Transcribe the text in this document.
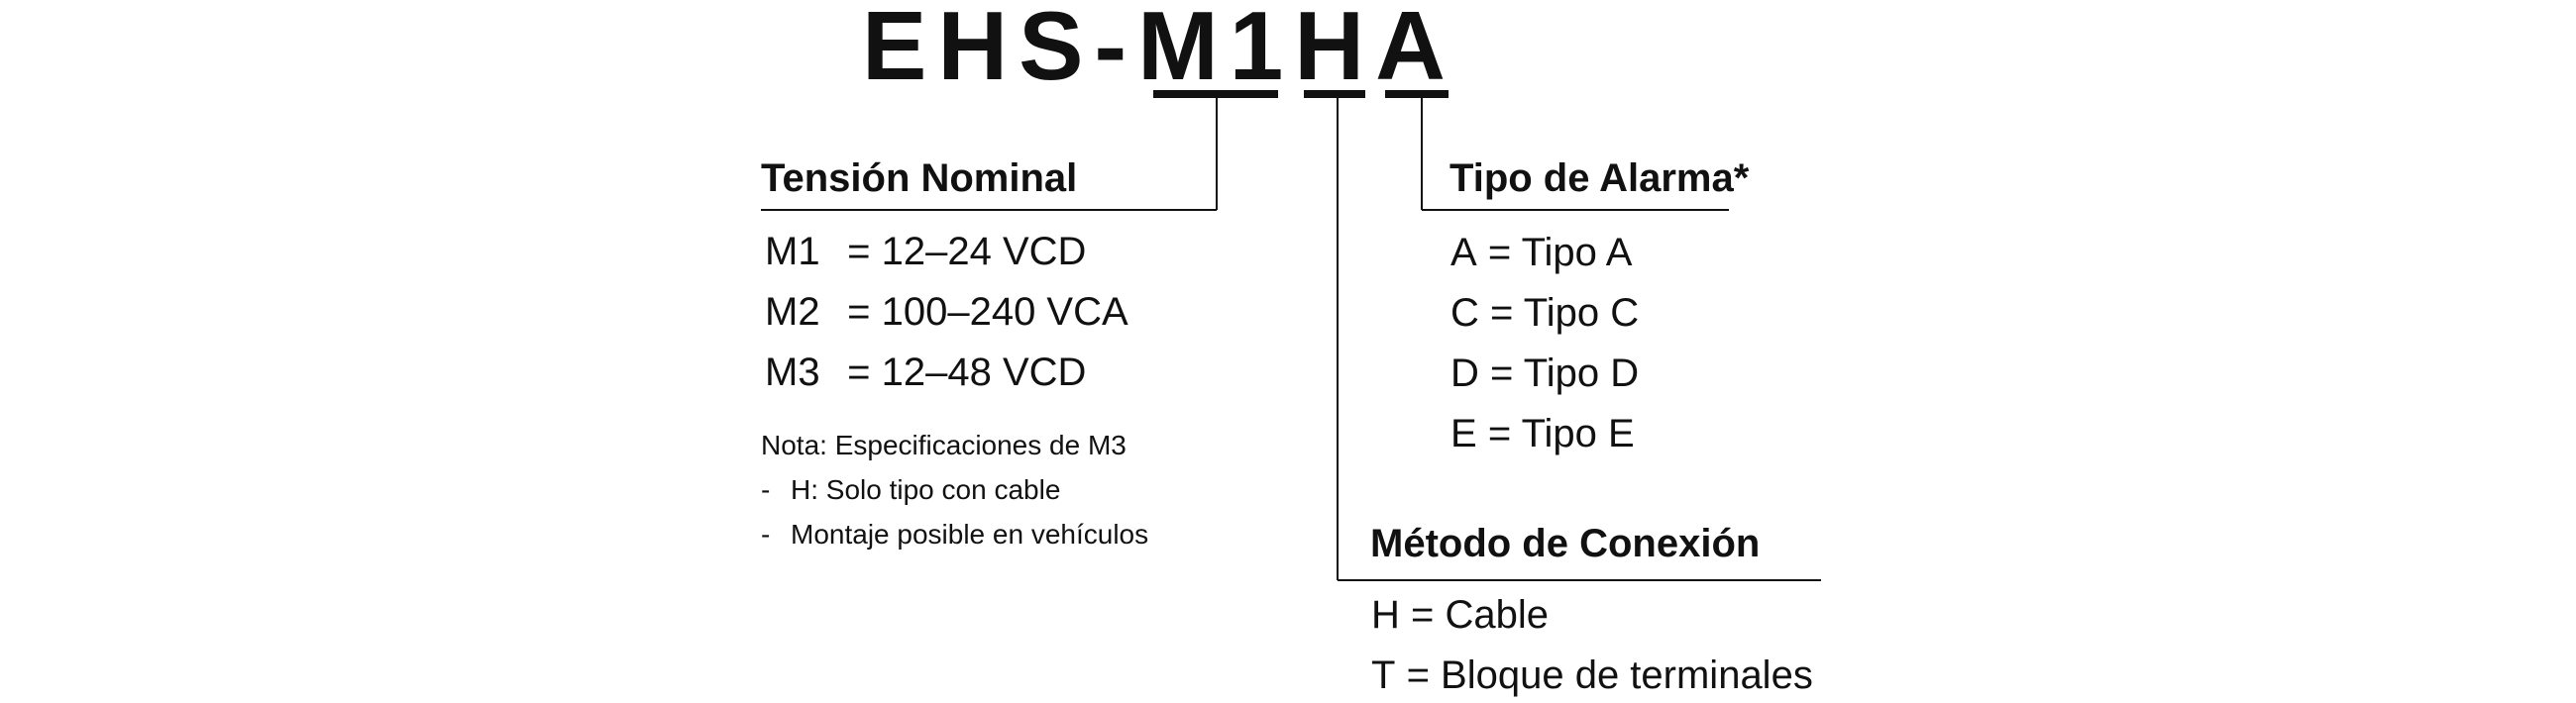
EHS-M1HA
Tensión Nominal
M1 = 12–24 VCD
M2 = 100–240 VCA
M3 = 12–48 VCD
Nota: Especificaciones de M3
- H: Solo tipo con cable
- Montaje posible en vehículos
Tipo de Alarma*
A = Tipo A
C = Tipo C
D = Tipo D
E = Tipo E
Método de Conexión
H = Cable
T = Bloque de terminales
